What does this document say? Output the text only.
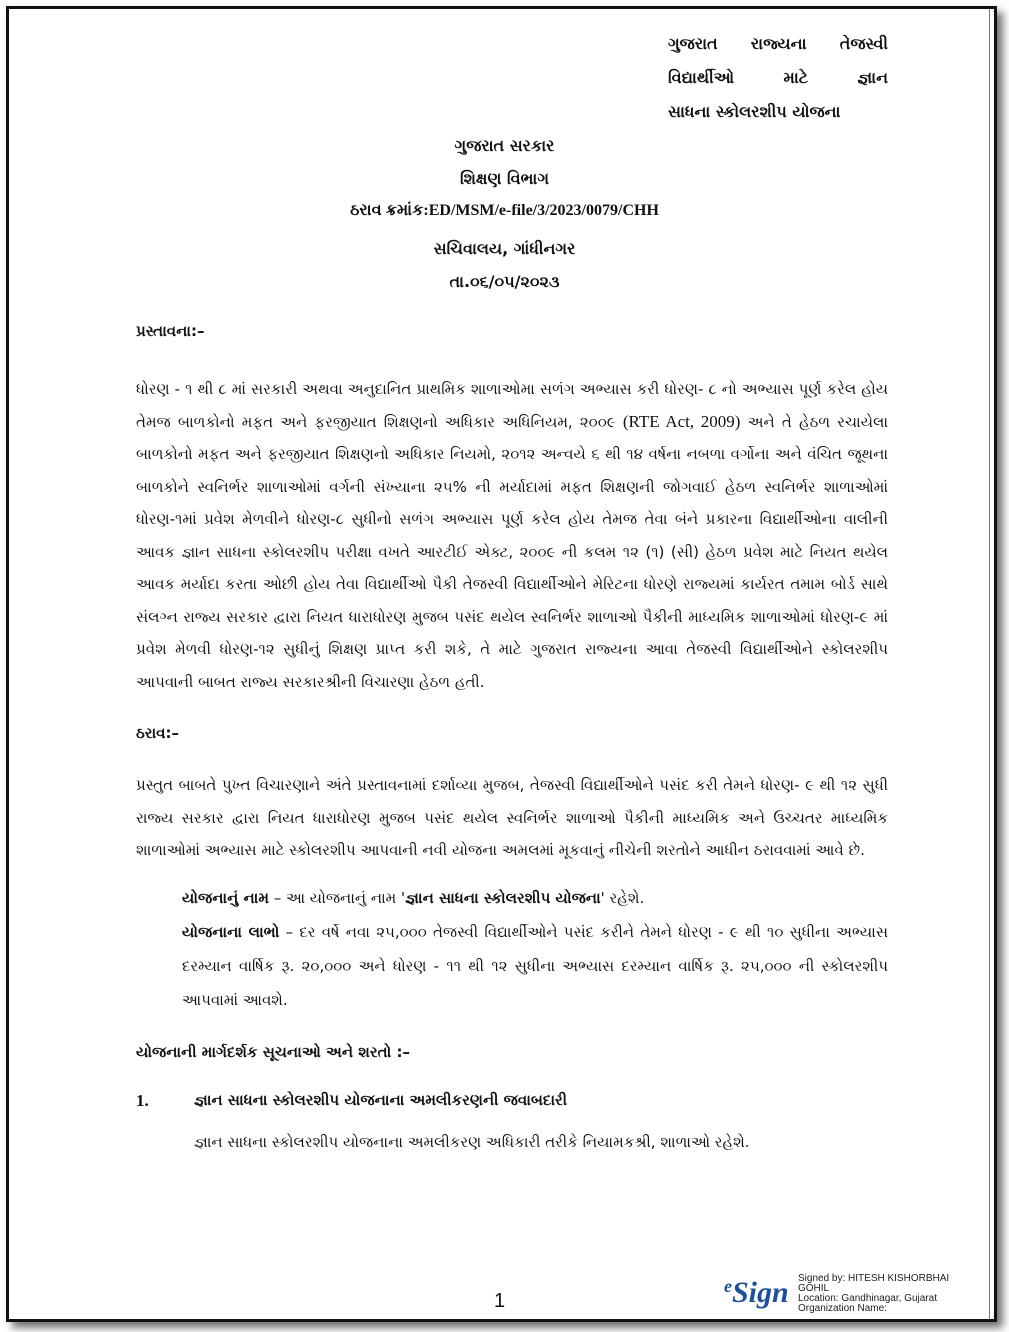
ગુજરાત રાજ્યના તેજસ્વી
વિદ્યાર્થીઓ માટે જ્ઞાન
સાધના સ્કોલરશીપ યોજના
ગુજરાત સરકાર
શિક્ષણ વિભાગ
ઠરાવ ક્રમાંક:ED/MSM/e-file/3/2023/0079/CHH
સચિવાલય, ગાંધીનગર
તા.૦૬/૦૫/૨૦૨૩

પ્રસ્તાવના:–

ધોરણ - ૧ થી ૮ માં સરકારી અથવા અનુદાનિત પ્રાથમિક શાળાઓમા સળંગ અભ્યાસ કરી ધોરણ- ૮ નો અભ્યાસ પૂર્ણ કરેલ હોય તેમજ બાળકોનો મફત અને ફરજીયાત શિક્ષણનો અધિકાર અધિનિયમ, ૨૦૦૯ (RTE Act, 2009) અને તે હેઠળ રચાયેલા બાળકોનો મફત અને ફરજીયાત શિક્ષણનો અધિકાર નિયમો, ૨૦૧૨ અન્વયે ૬ થી ૧૪ વર્ષના નબળા વર્ગોના અને વંચિત જૂથના બાળકોને સ્વનિર્ભર શાળાઓમાં વર્ગની સંખ્યાના ૨૫% ની મર્યાદામાં મફત શિક્ષણની જોગવાઈ હેઠળ સ્વનિર્ભર શાળાઓમાં ધોરણ-૧માં પ્રવેશ મેળવીને ધોરણ-૮ સુધીનો સળંગ અભ્યાસ પૂર્ણ કરેલ હોય તેમજ તેવા બંને પ્રકારના વિદ્યાર્થીઓના વાલીની આવક જ્ઞાન સાધના સ્કોલરશીપ પરીક્ષા વખતે આરટીઈ એક્ટ, ૨૦૦૯ ની કલમ ૧૨ (૧) (સી) હેઠળ પ્રવેશ માટે નિયત થયેલ આવક મર્યાદા કરતા ઓછી હોય તેવા વિદ્યાર્થીઓ પૈકી તેજસ્વી વિદ્યાર્થીઓને મેરિટના ધોરણે રાજ્યમાં કાર્યરત તમામ બોર્ડ સાથે સંલગ્ન રાજ્ય સરકાર દ્વારા નિયત ધારાધોરણ મુજબ પસંદ થયેલ સ્વનિર્ભર શાળાઓ પૈકીની માધ્યમિક શાળાઓમાં ધોરણ-૯ માં પ્રવેશ મેળવી ધોરણ-૧૨ સુધીનું શિક્ષણ પ્રાપ્ત કરી શકે, તે માટે ગુજરાત રાજ્યના આવા તેજસ્વી વિદ્યાર્થીઓને સ્કોલરશીપ આપવાની બાબત રાજ્ય સરકારશ્રીની વિચારણા હેઠળ હતી.

ઠરાવ:–

પ્રસ્તુત બાબતે પુખ્ત વિચારણાને અંતે પ્રસ્તાવનામાં દર્શાવ્યા મુજબ, તેજસ્વી વિદ્યાર્થીઓને પસંદ કરી તેમને ધોરણ- ૯ થી ૧૨ સુધી રાજ્ય સરકાર દ્વારા નિયત ધારાધોરણ મુજબ પસંદ થયેલ સ્વનિર્ભર શાળાઓ પૈકીની માધ્યમિક અને ઉચ્ચતર માધ્યમિક શાળાઓમાં અભ્યાસ માટે સ્કોલરશીપ આપવાની નવી યોજના અમલમાં મૂકવાનું નીચેની શરતોને આધીન ઠરાવવામાં આવે છે.

યોજનાનું નામ – આ યોજનાનું નામ 'જ્ઞાન સાધના સ્કોલરશીપ યોજના' રહેશે.
યોજનાના લાભો – દર વર્ષે નવા ૨૫,૦૦૦ તેજસ્વી વિદ્યાર્થીઓને પસંદ કરીને તેમને ધોરણ - ૯ થી ૧૦ સુધીના અભ્યાસ દરમ્યાન વાર્ષિક રૂ. ૨૦,૦૦૦ અને ધોરણ - ૧૧ થી ૧૨ સુધીના અભ્યાસ દરમ્યાન વાર્ષિક રૂ. ૨૫,૦૦૦ ની સ્કોલરશીપ આપવામાં આવશે.

યોજનાની માર્ગદર્શક સૂચનાઓ અને શરતો :–

1.	જ્ઞાન સાધના સ્કોલરશીપ યોજનાના અમલીકરણની જવાબદારી
જ્ઞાન સાધના સ્કોલરશીપ યોજનાના અમલીકરણ અધિકારી તરીકે નિયામકશ્રી, શાળાઓ રહેશે.
1
$^e$Sign Signed by: HITESH KISHORBHAI GOHIL
Location: Gandhinagar, Gujarat
Organization Name:
